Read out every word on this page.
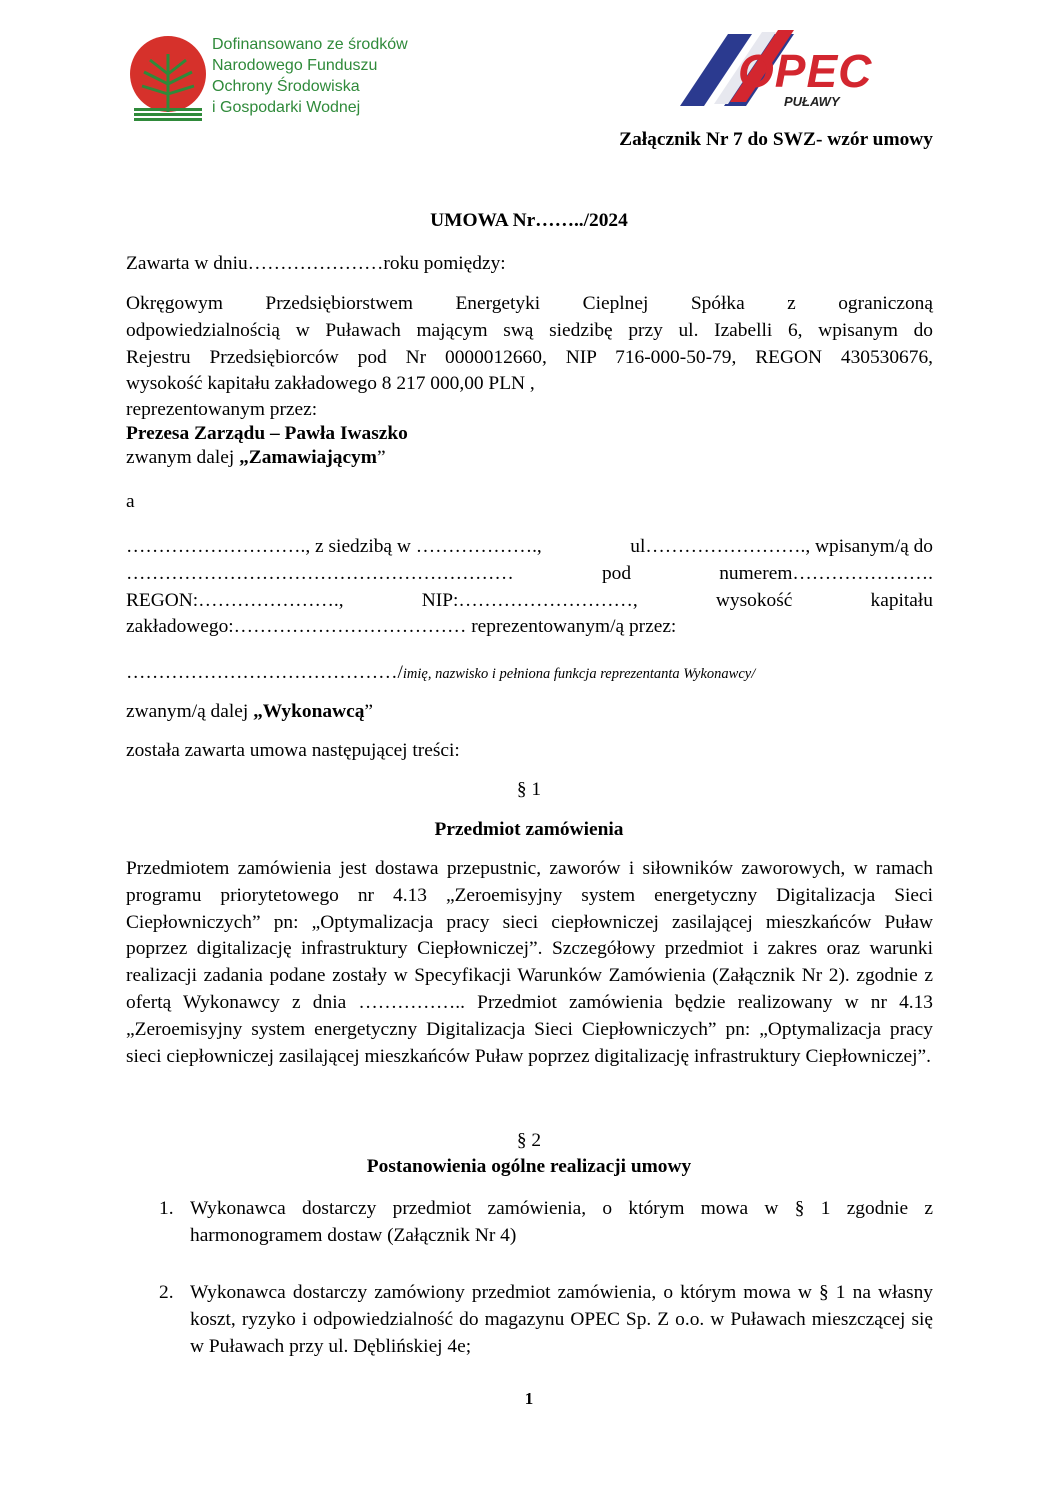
Dofinansowano ze środków
Narodowego Funduszu
Ochrony Środowiska
i Gospodarki Wodnej
OPEC
PUŁAWY
Załącznik Nr 7 do SWZ- wzór umowy
UMOWA Nr……../2024
Zawarta w dniu…………………roku pomiędzy:
Okręgowym Przedsiębiorstwem Energetyki Cieplnej Spółka z ograniczoną
odpowiedzialnością w Puławach mającym swą siedzibę przy ul. Izabelli 6, wpisanym do
Rejestru Przedsiębiorców pod Nr 0000012660, NIP 716-000-50-79, REGON 430530676,
wysokość kapitału zakładowego 8 217 000,00 PLN ,
reprezentowanym przez:
Prezesa Zarządu – Pawła Iwaszko
zwanym dalej „Zamawiającym”
a
………………………., z siedzibą w ……………….,	ul……………………., wpisanym/ą do
……………………………………………………	pod	numerem………………….
REGON:………………….,	NIP:………………………,	wysokość	kapitału
zakładowego:……………………………… reprezentowanym/ą przez:
……………………………………/imię, nazwisko i pełniona funkcja reprezentanta Wykonawcy/
zwanym/ą dalej „Wykonawcą”
została zawarta umowa następującej treści:
§ 1
Przedmiot zamówienia
Przedmiotem zamówienia jest dostawa przepustnic, zaworów i siłowników zaworowych, w ramach programu priorytetowego nr 4.13 „Zeroemisyjny system energetyczny Digitalizacja Sieci Ciepłowniczych” pn: „Optymalizacja pracy sieci ciepłowniczej zasilającej mieszkańców Puław poprzez digitalizację infrastruktury Ciepłowniczej”. Szczegółowy przedmiot i zakres oraz warunki realizacji zadania podane zostały w Specyfikacji Warunków Zamówienia (Załącznik Nr 2). zgodnie z ofertą Wykonawcy z dnia …………….. Przedmiot zamówienia będzie realizowany w nr 4.13 „Zeroemisyjny system energetyczny Digitalizacja Sieci Ciepłowniczych” pn: „Optymalizacja pracy sieci ciepłowniczej zasilającej mieszkańców Puław poprzez digitalizację infrastruktury Ciepłowniczej”.
§ 2
Postanowienia ogólne realizacji umowy
1. Wykonawca dostarczy przedmiot zamówienia, o którym mowa w § 1 zgodnie z harmonogramem dostaw (Załącznik Nr 4)
2. Wykonawca dostarczy zamówiony przedmiot zamówienia, o którym mowa w § 1 na własny koszt, ryzyko i odpowiedzialność do magazynu OPEC Sp. Z o.o. w Puławach mieszczącej się w Puławach przy ul. Dęblińskiej 4e;
1
